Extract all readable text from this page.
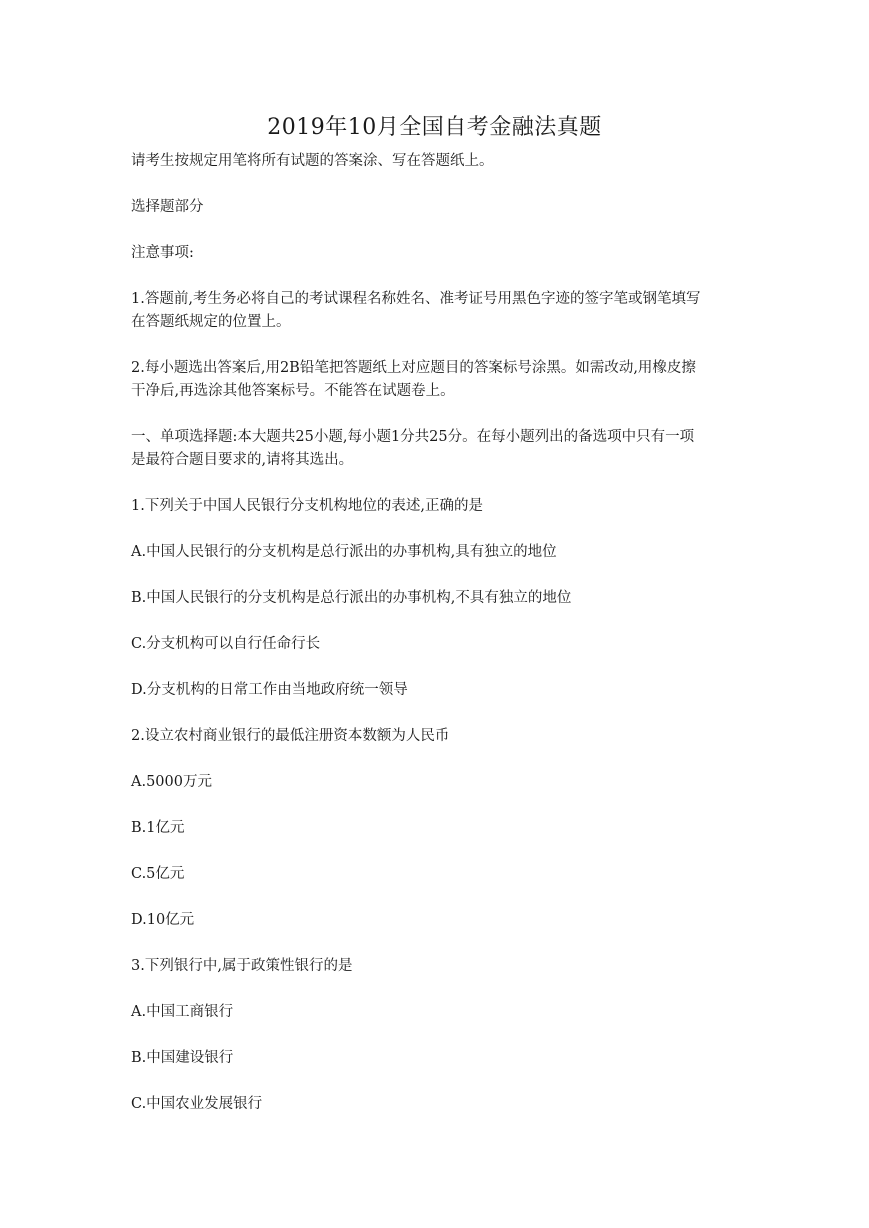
2019年10月全国自考金融法真题
请考生按规定用笔将所有试题的答案涂、写在答题纸上。
选择题部分
注意事项:
1.答题前,考生务必将自己的考试课程名称姓名、准考证号用黑色字迹的签字笔或钢笔填写
在答题纸规定的位置上。
2.每小题选出答案后,用2B铅笔把答题纸上对应题目的答案标号涂黑。如需改动,用橡皮擦
干净后,再选涂其他答案标号。不能答在试题卷上。
一、单项选择题:本大题共25小题,每小题1分共25分。在每小题列出的备选项中只有一项
是最符合题目要求的,请将其选出。
1.下列关于中国人民银行分支机构地位的表述,正确的是
A.中国人民银行的分支机构是总行派出的办事机构,具有独立的地位
B.中国人民银行的分支机构是总行派出的办事机构,不具有独立的地位
C.分支机构可以自行任命行长
D.分支机构的日常工作由当地政府统一领导
2.设立农村商业银行的最低注册资本数额为人民币
A.5000万元
B.1亿元
C.5亿元
D.10亿元
3.下列银行中,属于政策性银行的是
A.中国工商银行
B.中国建设银行
C.中国农业发展银行
